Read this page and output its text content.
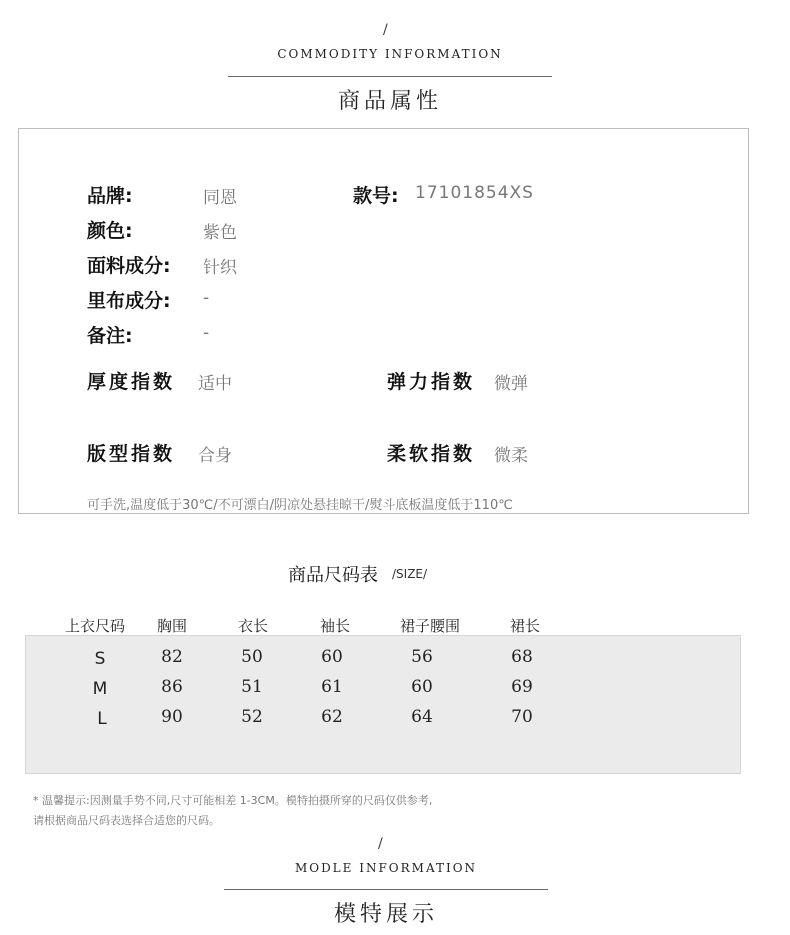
/
COMMODITY INFORMATION
商品属性
品牌:	同恩	款号: 17101854XS
颜色:	紫色
面料成分: 针织
里布成分: -
备注:	-
厚度指数 适中	弹力指数 微弹
版型指数 合身	柔软指数 微柔
可手洗,温度低于30℃/不可漂白/阴凉处悬挂晾干/熨斗底板温度低于110℃
商品尺码表 /SIZE/
上衣尺码	胸围	衣长	袖长	裙子腰围	裙长
S	82	50	60	56	68
M	86	51	61	60	69
L	90	52	62	64	70
* 温馨提示:因测量手势不同,尺寸可能相差 1-3CM。模特拍摄所穿的尺码仅供参考,
请根据商品尺码表选择合适您的尺码。
/
MODLE INFORMATION
模特展示
